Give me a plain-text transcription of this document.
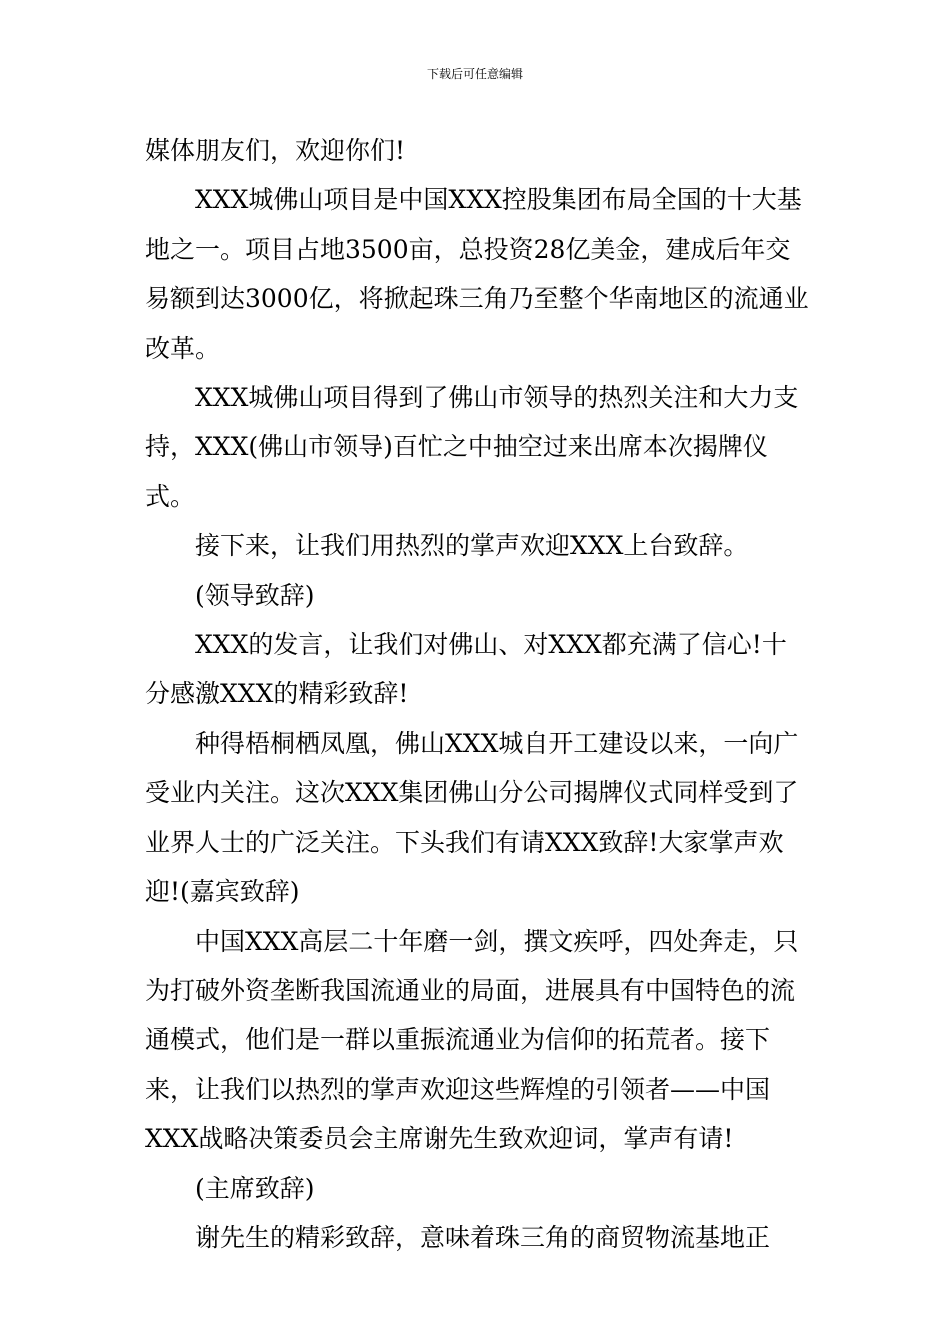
下载后可任意编辑

媒体朋友们，欢迎你们!

XXX城佛山项目是中国XXX控股集团布局全国的十大基地之一。项目占地3500亩，总投资28亿美金，建成后年交易额到达3000亿，将掀起珠三角乃至整个华南地区的流通业改革。

XXX城佛山项目得到了佛山市领导的热烈关注和大力支持，XXX(佛山市领导)百忙之中抽空过来出席本次揭牌仪式。

接下来，让我们用热烈的掌声欢迎XXX上台致辞。

(领导致辞)

XXX的发言，让我们对佛山、对XXX都充满了信心!十分感激XXX的精彩致辞!

种得梧桐栖凤凰，佛山XXX城自开工建设以来，一向广受业内关注。这次XXX集团佛山分公司揭牌仪式同样受到了业界人士的广泛关注。下头我们有请XXX致辞!大家掌声欢迎!(嘉宾致辞)

中国XXX高层二十年磨一剑，撰文疾呼，四处奔走，只为打破外资垄断我国流通业的局面，进展具有中国特色的流通模式，他们是一群以重振流通业为信仰的拓荒者。接下来，让我们以热烈的掌声欢迎这些辉煌的引领者——中国XXX战略决策委员会主席谢先生致欢迎词，掌声有请!

(主席致辞)

谢先生的精彩致辞，意味着珠三角的商贸物流基地正
